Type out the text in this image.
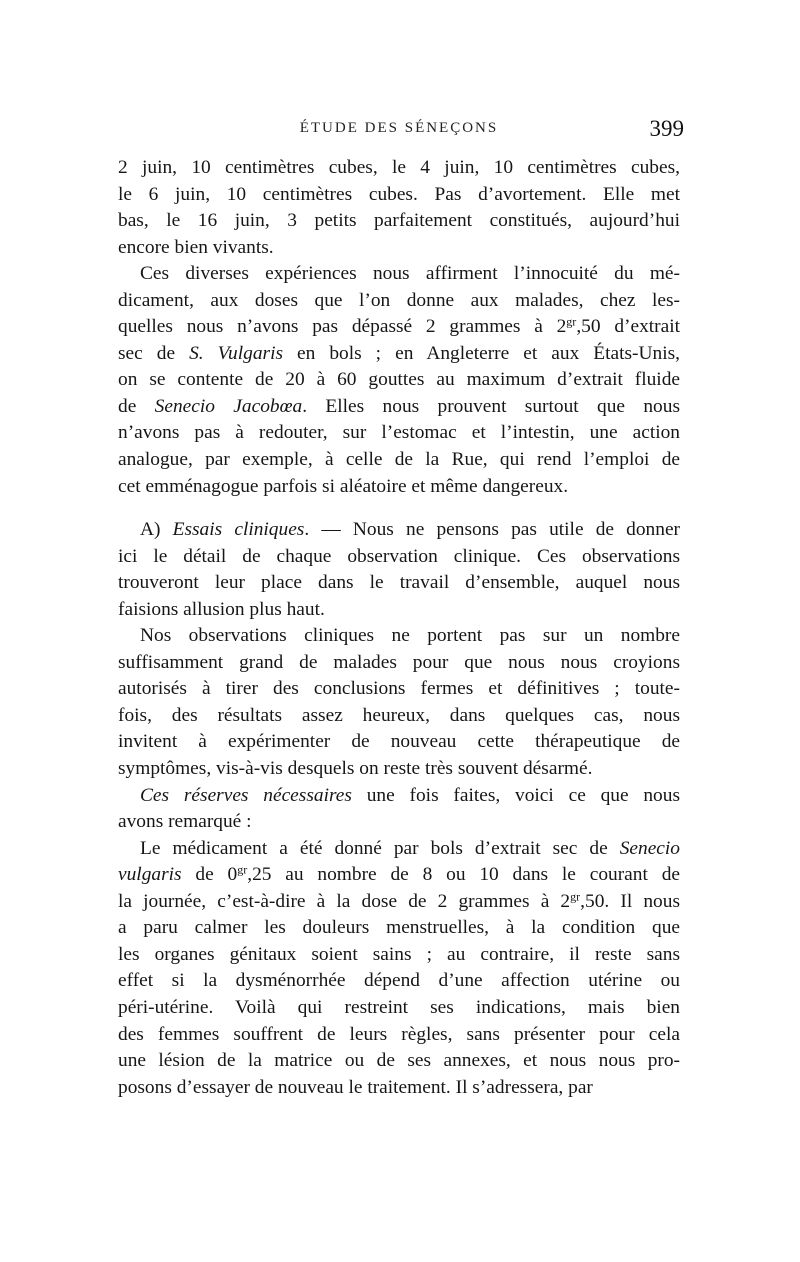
ÉTUDE DES SÉNEÇONS	399
2 juin, 10 centimètres cubes, le 4 juin, 10 centimètres cubes,
le 6 juin, 10 centimètres cubes. Pas d’avortement. Elle met
bas, le 16 juin, 3 petits parfaitement constitués, aujourd’hui
encore bien vivants.
Ces diverses expériences nous affirment l’innocuité du mé-
dicament, aux doses que l’on donne aux malades, chez les-
quelles nous n’avons pas dépassé 2 grammes à $2^{gr},50$ d’extrait
sec de S. Vulgaris en bols ; en Angleterre et aux États-Unis,
on se contente de 20 à 60 gouttes au maximum d’extrait fluide
de Senecio Jacobœa. Elles nous prouvent surtout que nous
n’avons pas à redouter, sur l’estomac et l’intestin, une action
analogue, par exemple, à celle de la Rue, qui rend l’emploi de
cet emménagogue parfois si aléatoire et même dangereux.
A) Essais cliniques. — Nous ne pensons pas utile de donner
ici le détail de chaque observation clinique. Ces observations
trouveront leur place dans le travail d’ensemble, auquel nous
faisions allusion plus haut.
Nos observations cliniques ne portent pas sur un nombre
suffisamment grand de malades pour que nous nous croyions
autorisés à tirer des conclusions fermes et définitives ; toute-
fois, des résultats assez heureux, dans quelques cas, nous
invitent à expérimenter de nouveau cette thérapeutique de
symptômes, vis-à-vis desquels on reste très souvent désarmé.
Ces réserves nécessaires une fois faites, voici ce que nous
avons remarqué :
Le médicament a été donné par bols d’extrait sec de Senecio
vulgaris de $0^{gr},25$ au nombre de 8 ou 10 dans le courant de
la journée, c’est-à-dire à la dose de 2 grammes à $2^{gr},50$. Il nous
a paru calmer les douleurs menstruelles, à la condition que
les organes génitaux soient sains ; au contraire, il reste sans
effet si la dysménorrhée dépend d’une affection utérine ou
péri-utérine. Voilà qui restreint ses indications, mais bien
des femmes souffrent de leurs règles, sans présenter pour cela
une lésion de la matrice ou de ses annexes, et nous nous pro-
posons d’essayer de nouveau le traitement. Il s’adressera, par
